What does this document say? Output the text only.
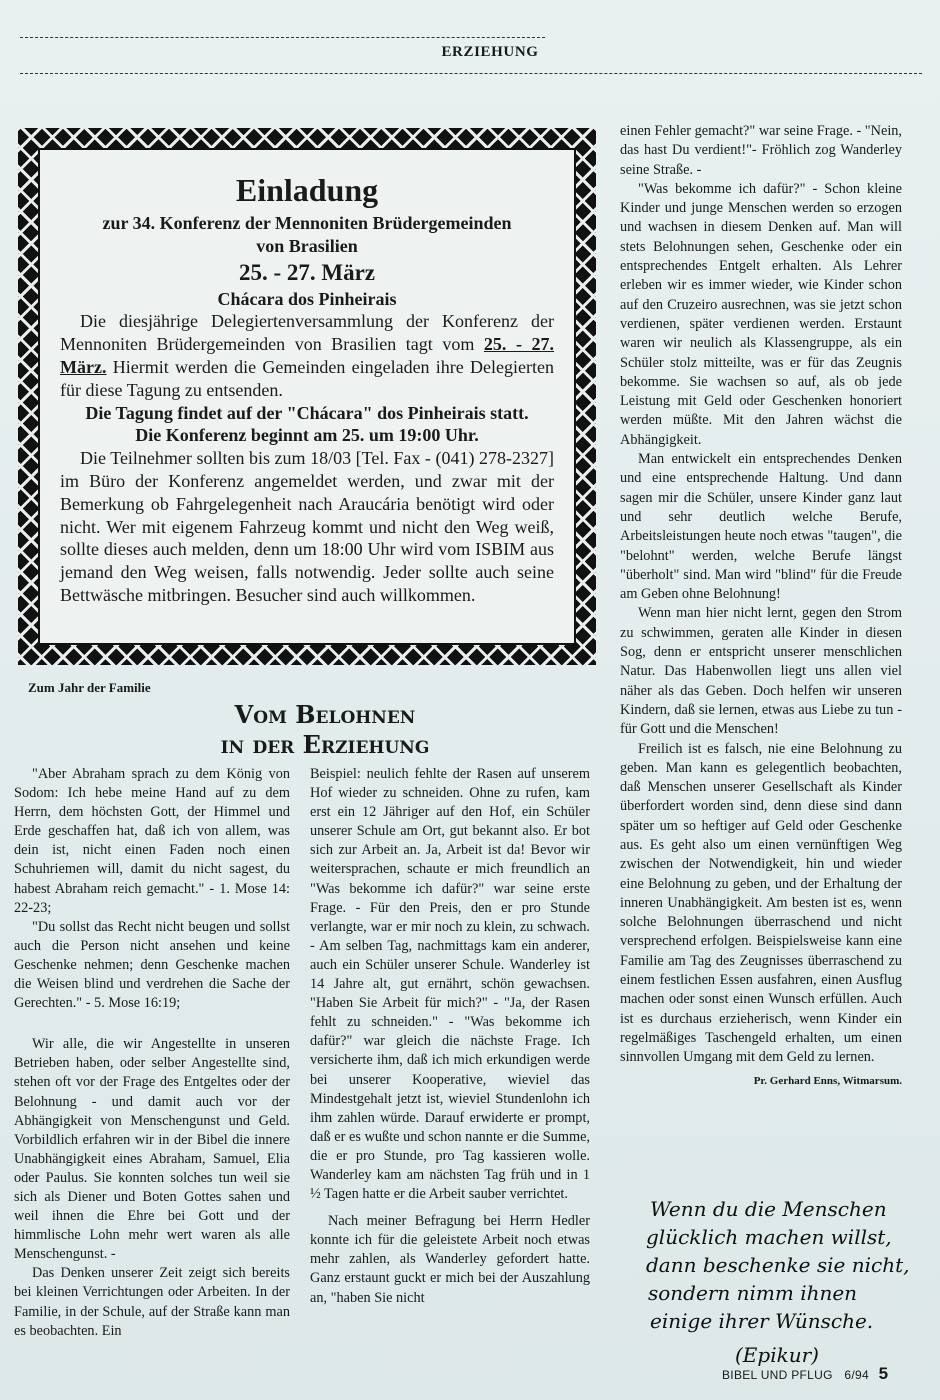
ERZIEHUNG
Einladung
zur 34. Konferenz der Mennoniten Brüdergemeinden
von Brasilien
25. - 27. März
Chácara dos Pinheirais

Die diesjährige Delegiertenversammlung der Konferenz der Mennoniten Brüdergemeinden von Brasilien tagt vom 25. - 27. März. Hiermit werden die Gemeinden eingeladen ihre Delegierten für diese Tagung zu entsenden.

Die Tagung findet auf der "Chácara" dos Pinheirais statt.
Die Konferenz beginnt am 25. um 19:00 Uhr.

Die Teilnehmer sollten bis zum 18/03 [Tel. Fax - (041) 278-2327] im Büro der Konferenz angemeldet werden, und zwar mit der Bemerkung ob Fahrgelegenheit nach Araucária benötigt wird oder nicht. Wer mit eigenem Fahrzeug kommt und nicht den Weg weiß, sollte dieses auch melden, denn um 18:00 Uhr wird vom ISBIM aus jemand den Weg weisen, falls notwendig. Jeder sollte auch seine Bettwäsche mitbringen. Besucher sind auch willkommen.

Zum Jahr der Familie
Vom Belohnen
in der Erziehung

"Aber Abraham sprach zu dem König von Sodom: Ich hebe meine Hand auf zu dem Herrn, dem höchsten Gott, der Himmel und Erde geschaffen hat, daß ich von allem, was dein ist, nicht einen Faden noch einen Schuhriemen will, damit du nicht sagest, du habest Abraham reich gemacht." - 1. Mose 14: 22-23;

"Du sollst das Recht nicht beugen und sollst auch die Person nicht ansehen und keine Geschenke nehmen; denn Geschenke machen die Weisen blind und verdrehen die Sache der Gerechten." - 5. Mose 16:19;

Wir alle, die wir Angestellte in unseren Betrieben haben, oder selber Angestellte sind, stehen oft vor der Frage des Entgeltes oder der Belohnung - und damit auch vor der Abhängigkeit von Menschengunst und Geld. Vorbildlich erfahren wir in der Bibel die innere Unabhängigkeit eines Abraham, Samuel, Elia oder Paulus. Sie konnten solches tun weil sie sich als Diener und Boten Gottes sahen und weil ihnen die Ehre bei Gott und der himmlische Lohn mehr wert waren als alle Menschengunst. -

Das Denken unserer Zeit zeigt sich bereits bei kleinen Verrichtungen oder Arbeiten. In der Familie, in der Schule, auf der Straße kann man es beobachten. Ein

Beispiel: neulich fehlte der Rasen auf unserem Hof wieder zu schneiden. Ohne zu rufen, kam erst ein 12 Jähriger auf den Hof, ein Schüler unserer Schule am Ort, gut bekannt also. Er bot sich zur Arbeit an. Ja, Arbeit ist da! Bevor wir weitersprachen, schaute er mich freundlich an "Was bekomme ich dafür?" war seine erste Frage. - Für den Preis, den er pro Stunde verlangte, war er mir noch zu klein, zu schwach. - Am selben Tag, nachmittags kam ein anderer, auch ein Schüler unserer Schule. Wanderley ist 14 Jahre alt, gut ernährt, schön gewachsen. "Haben Sie Arbeit für mich?" - "Ja, der Rasen fehlt zu schneiden." - "Was bekomme ich dafür?" war gleich die nächste Frage. Ich versicherte ihm, daß ich mich erkundigen werde bei unserer Kooperative, wieviel das Mindestgehalt jetzt ist, wieviel Stundenlohn ich ihm zahlen würde. Darauf erwiderte er prompt, daß er es wußte und schon nannte er die Summe, die er pro Stunde, pro Tag kassieren wolle. Wanderley kam am nächsten Tag früh und in 1 ½ Tagen hatte er die Arbeit sauber verrichtet.

Nach meiner Befragung bei Herrn Hedler konnte ich für die geleistete Arbeit noch etwas mehr zahlen, als Wanderley gefordert hatte. Ganz erstaunt guckt er mich bei der Auszahlung an, "haben Sie nicht

einen Fehler gemacht?" war seine Frage. - "Nein, das hast Du verdient!"- Fröhlich zog Wanderley seine Straße. -

"Was bekomme ich dafür?" - Schon kleine Kinder und junge Menschen werden so erzogen und wachsen in diesem Denken auf. Man will stets Belohnungen sehen, Geschenke oder ein entsprechendes Entgelt erhalten. Als Lehrer erleben wir es immer wieder, wie Kinder schon auf den Cruzeiro ausrechnen, was sie jetzt schon verdienen, später verdienen werden. Erstaunt waren wir neulich als Klassengruppe, als ein Schüler stolz mitteilte, was er für das Zeugnis bekomme. Sie wachsen so auf, als ob jede Leistung mit Geld oder Geschenken honoriert werden müßte. Mit den Jahren wächst die Abhängigkeit.

Man entwickelt ein entsprechendes Denken und eine entsprechende Haltung. Und dann sagen mir die Schüler, unsere Kinder ganz laut und sehr deutlich welche Berufe, Arbeitsleistungen heute noch etwas "taugen", die "belohnt" werden, welche Berufe längst "überholt" sind. Man wird "blind" für die Freude am Geben ohne Belohnung!

Wenn man hier nicht lernt, gegen den Strom zu schwimmen, geraten alle Kinder in diesen Sog, denn er entspricht unserer menschlichen Natur. Das Habenwollen liegt uns allen viel näher als das Geben. Doch helfen wir unseren Kindern, daß sie lernen, etwas aus Liebe zu tun - für Gott und die Menschen!

Freilich ist es falsch, nie eine Belohnung zu geben. Man kann es gelegentlich beobachten, daß Menschen unserer Gesellschaft als Kinder überfordert worden sind, denn diese sind dann später um so heftiger auf Geld oder Geschenke aus. Es geht also um einen vernünftigen Weg zwischen der Notwendigkeit, hin und wieder eine Belohnung zu geben, und der Erhaltung der inneren Unabhängigkeit. Am besten ist es, wenn solche Belohnungen überraschend und nicht versprechend erfolgen. Beispielsweise kann eine Familie am Tag des Zeugnisses überraschend zu einem festlichen Essen ausfahren, einen Ausflug machen oder sonst einen Wunsch erfüllen. Auch ist es durchaus erzieherisch, wenn Kinder ein regelmäßiges Taschengeld erhalten, um einen sinnvollen Umgang mit dem Geld zu lernen.

Pr. Gerhard Enns, Witmarsum.
Wenn du die Menschen
glücklich machen willst,
dann beschenke sie nicht,
sondern nimm ihnen
einige ihrer Wünsche.
(Epikur)
BIBEL UND PFLUG 6/94 5
